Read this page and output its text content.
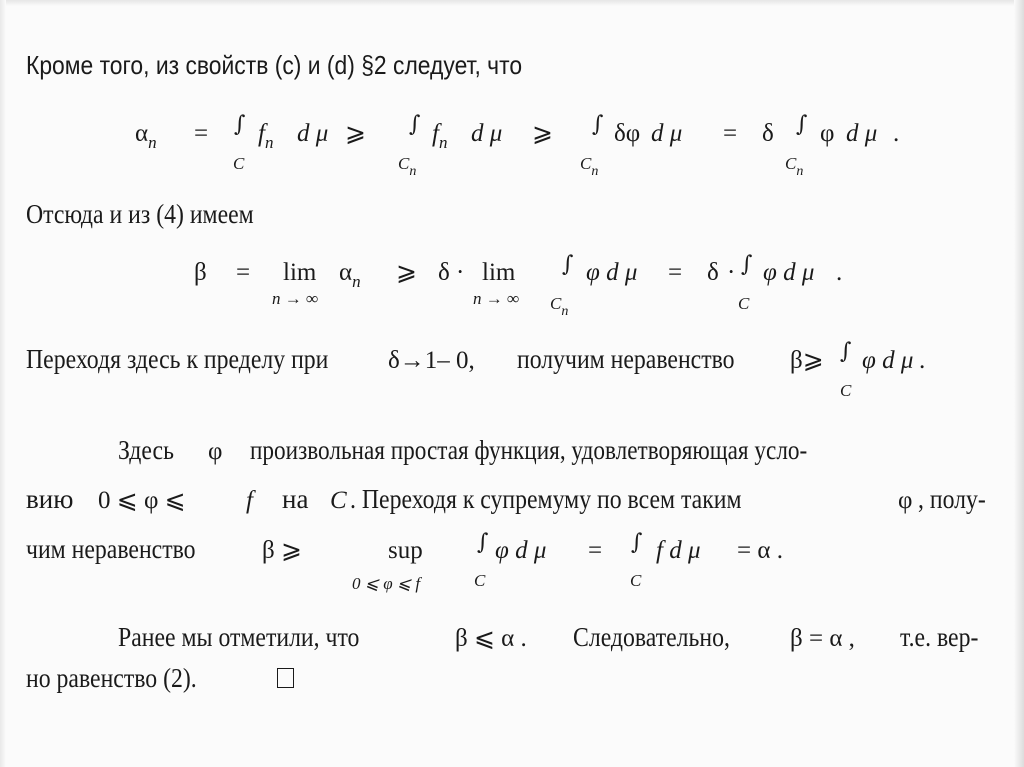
Кроме того, из свойств (c) и (d) §2 следует, что
$\alpha_n$ = ∫
C
$f_n$ d μ ⩾ ∫
$C_n$
$f_n$ d μ ⩾ ∫
$C_n$
δφ d μ = δ ∫
$C_n$
φ d μ .
Отсюда и из (4) имеем
β = lim
n → ∞
$\alpha_n$ ⩾ δ · lim
n → ∞
∫
$C_n$
φ d μ = δ · ∫
C
φ d μ .
Переходя здесь к пределу при	δ→1– 0, получим неравенство	β⩾ ∫
C
φ d μ .
Здесь	φ произвольная простая функция, удовлетворяющая усло-
вию 0 ⩽ φ ⩽ f на C . Переходя к супремуму по всем таким	φ , полу-
чим неравенство	β ⩾	sup
0 ⩽ φ ⩽ f
∫
C
φ d μ = ∫
C
f d μ = α .
Ранее мы отметили, что	β ⩽ α . Следовательно,	β = α , т.е. вер-
но равенство (2).
